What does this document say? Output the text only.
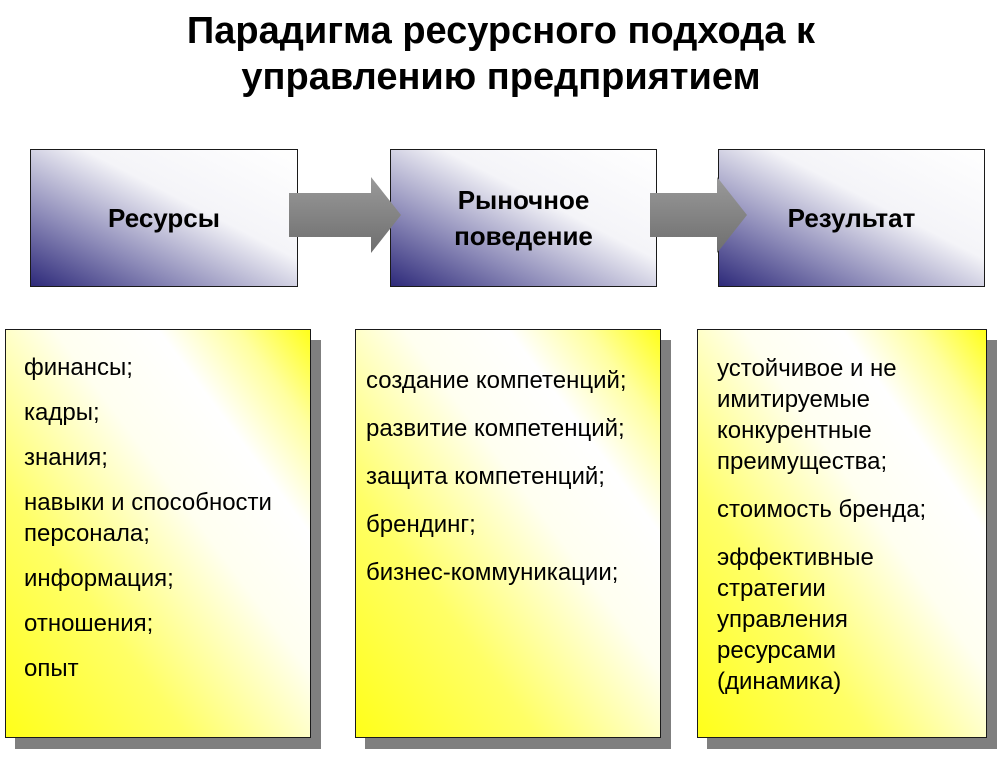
Парадигма ресурсного подхода к
управлению предприятием
Ресурсы
Рыночное
поведение
Результат
финансы;
кадры;
знания;
навыки и способности персонала;
информация;
отношения;
опыт
создание компетенций;
развитие компетенций;
защита компетенций;
брендинг;
бизнес-коммуникации;
устойчивое и не имитируемые конкурентные преимущества;
стоимость бренда;
эффективные стратегии управления ресурсами (динамика)
